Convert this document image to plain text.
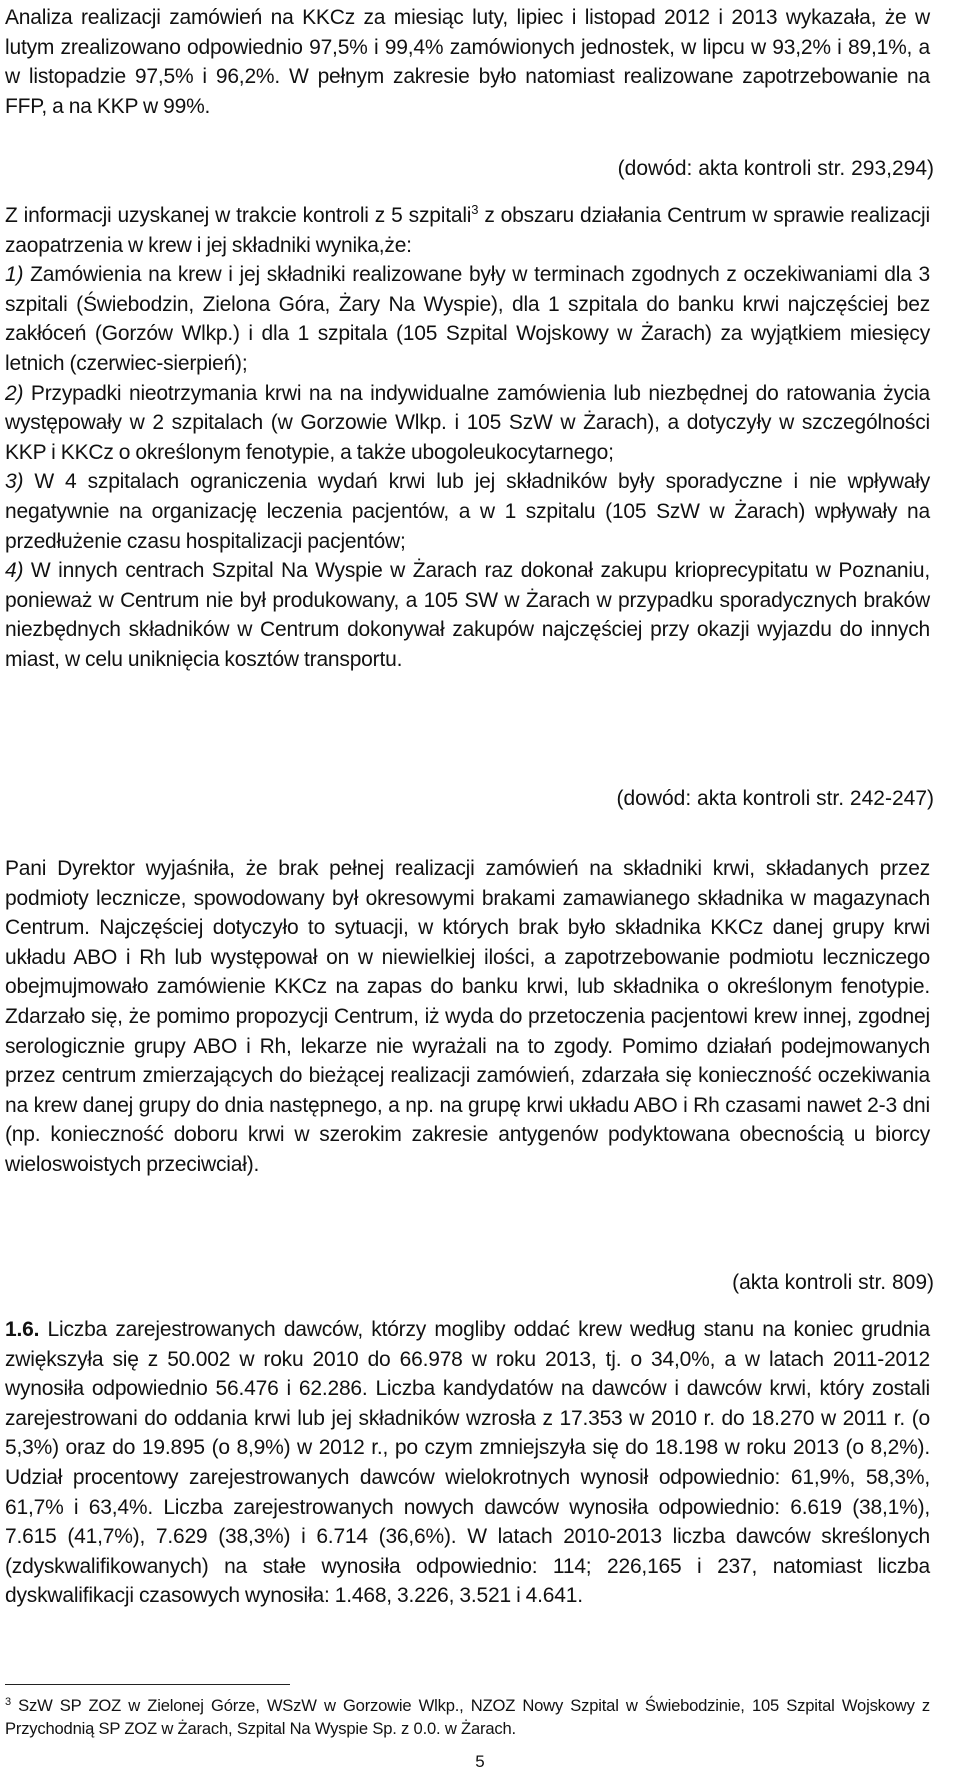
Analiza realizacji zamówień na KKCz za miesiąc luty, lipiec i listopad 2012 i 2013 wykazała, że w lutym zrealizowano odpowiednio 97,5% i 99,4% zamówionych jednostek, w lipcu w 93,2% i 89,1%, a w listopadzie 97,5% i 96,2%. W pełnym zakresie było natomiast realizowane zapotrzebowanie na FFP, a na KKP w 99%.

(dowód: akta kontroli str. 293,294)

Z informacji uzyskanej w trakcie kontroli z 5 szpitali$^3$ z obszaru działania Centrum w sprawie realizacji zaopatrzenia w krew i jej składniki wynika,że:

1) Zamówienia na krew i jej składniki realizowane były w terminach zgodnych z oczekiwaniami dla 3 szpitali (Świebodzin, Zielona Góra, Żary Na Wyspie), dla 1 szpitala do banku krwi najczęściej bez zakłóceń (Gorzów Wlkp.) i dla 1 szpitala (105 Szpital Wojskowy w Żarach) za wyjątkiem miesięcy letnich (czerwiec-sierpień);

2) Przypadki nieotrzymania krwi na na indywidualne zamówienia lub niezbędnej do ratowania życia występowały w 2 szpitalach (w Gorzowie Wlkp. i 105 SzW w Żarach), a dotyczyły w szczególności KKP i KKCz o określonym fenotypie, a także ubogoleukocytarnego;

3) W 4 szpitalach ograniczenia wydań krwi lub jej składników były sporadyczne i nie wpływały negatywnie na organizację leczenia pacjentów, a w 1 szpitalu (105 SzW w Żarach) wpływały na przedłużenie czasu hospitalizacji pacjentów;

4) W innych centrach Szpital Na Wyspie w Żarach raz dokonał zakupu krioprecypitatu w Poznaniu, ponieważ w Centrum nie był produkowany, a 105 SW w Żarach w przypadku sporadycznych braków niezbędnych składników w Centrum dokonywał zakupów najczęściej przy okazji wyjazdu do innych miast, w celu uniknięcia kosztów transportu.

(dowód: akta kontroli str. 242-247)

Pani Dyrektor wyjaśniła, że brak pełnej realizacji zamówień na składniki krwi, składanych przez podmioty lecznicze, spowodowany był okresowymi brakami zamawianego składnika w magazynach Centrum. Najczęściej dotyczyło to sytuacji, w których brak było składnika KKCz danej grupy krwi układu ABO i Rh lub występował on w niewielkiej ilości, a zapotrzebowanie podmiotu leczniczego obejmujmowało zamówienie KKCz na zapas do banku krwi, lub składnika o określonym fenotypie. Zdarzało się, że pomimo propozycji Centrum, iż wyda do przetoczenia pacjentowi krew innej, zgodnej serologicznie grupy ABO i Rh, lekarze nie wyrażali na to zgody. Pomimo działań podejmowanych przez centrum zmierzających do bieżącej realizacji zamówień, zdarzała się konieczność oczekiwania na krew danej grupy do dnia następnego, a np. na grupę krwi układu ABO i Rh czasami nawet 2-3 dni (np. konieczność doboru krwi w szerokim zakresie antygenów podyktowana obecnością u biorcy wieloswoistych przeciwciał).

(akta kontroli str. 809)

1.6. Liczba zarejestrowanych dawców, którzy mogliby oddać krew według stanu na koniec grudnia zwiększyła się z 50.002 w roku 2010 do 66.978 w roku 2013, tj. o 34,0%, a w latach 2011-2012 wynosiła odpowiednio 56.476 i 62.286. Liczba kandydatów na dawców i dawców krwi, który zostali zarejestrowani do oddania krwi lub jej składników wzrosła z 17.353 w 2010 r. do 18.270 w 2011 r. (o 5,3%) oraz do 19.895 (o 8,9%) w 2012 r., po czym zmniejszyła się do 18.198 w roku 2013 (o 8,2%). Udział procentowy zarejestrowanych dawców wielokrotnych wynosił odpowiednio: 61,9%, 58,3%, 61,7% i 63,4%. Liczba zarejestrowanych nowych dawców wynosiła odpowiednio: 6.619 (38,1%), 7.615 (41,7%), 7.629 (38,3%) i 6.714 (36,6%). W latach 2010-2013 liczba dawców skreślonych (zdyskwalifikowanych) na stałe wynosiła odpowiednio: 114; 226,165 i 237, natomiast liczba dyskwalifikacji czasowych wynosiła: 1.468, 3.226, 3.521 i 4.641.

$^3$ SzW SP ZOZ w Zielonej Górze, WSzW w Gorzowie Wlkp., NZOZ Nowy Szpital w Świebodzinie, 105 Szpital Wojskowy z Przychodnią SP ZOZ w Żarach, Szpital Na Wyspie Sp. z 0.0. w Żarach.
5
